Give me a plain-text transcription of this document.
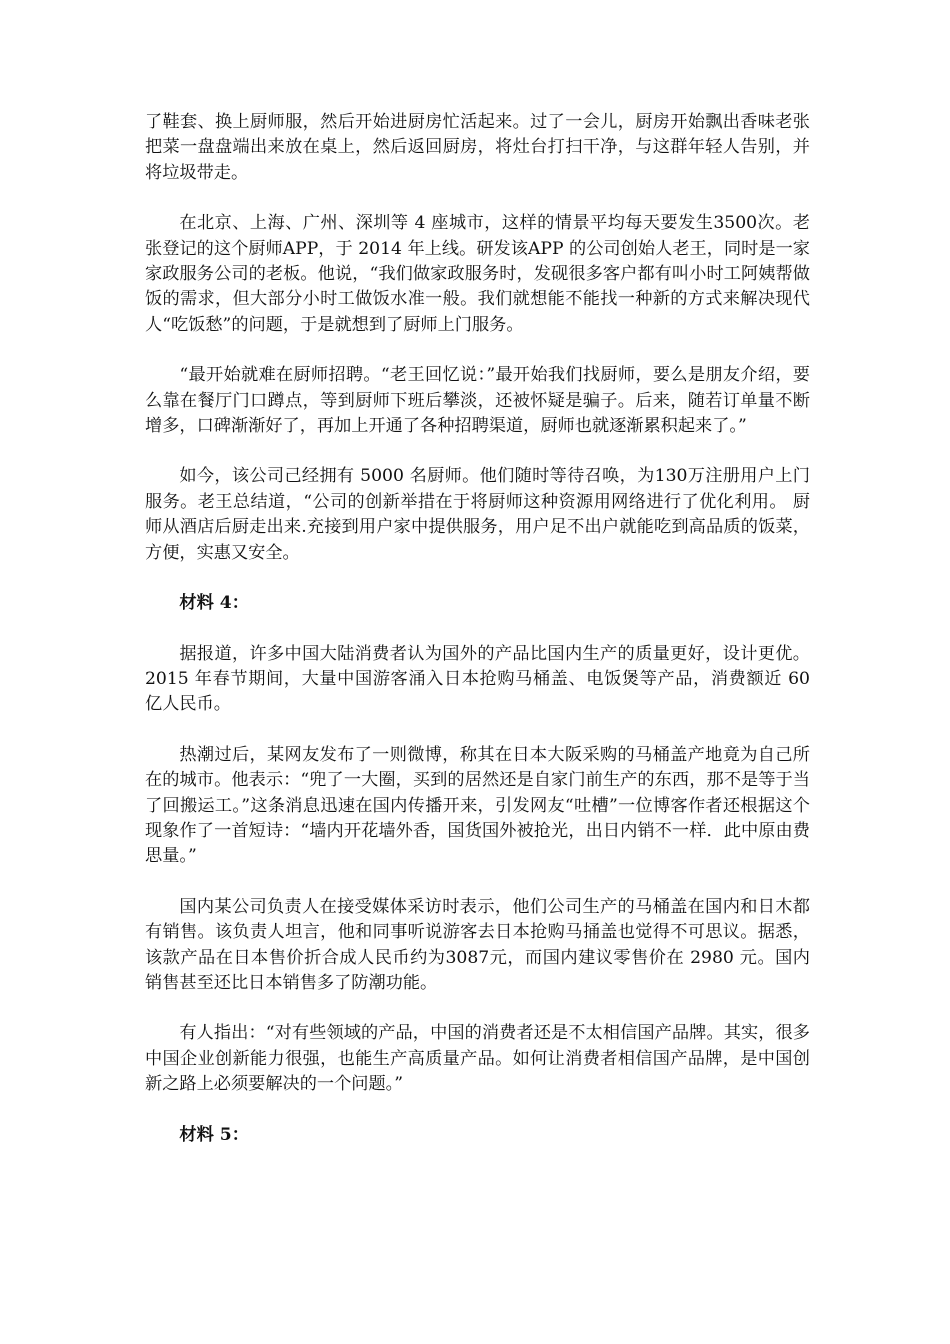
了鞋套、换上厨师服，然后开始进厨房忙活起来。过了一会儿，厨房开始飘出香味老张把菜一盘盘端出来放在桌上，然后返回厨房，将灶台打扫干净，与这群年轻人告别，并将垃圾带走。

在北京、上海、广州、深圳等 4 座城市，这样的情景平均每天要发生3500次。老张登记的这个厨师APP，于 2014 年上线。研发该APP 的公司创始人老王，同时是一家家政服务公司的老板。他说，“我们做家政服务时，发砚很多客户都有叫小时工阿姨帮做饭的需求，但大部分小时工做饭水准一般。我们就想能不能找一种新的方式来解决现代人“吃饭愁”的问题，于是就想到了厨师上门服务。

“最开始就难在厨师招聘。“老王回忆说：”最开始我们找厨师，要么是朋友介绍，要么靠在餐厅门口蹲点，等到厨师下班后攀淡，还被怀疑是骗子。后来，随若订单量不断增多，口碑渐渐好了，再加上开通了各种招聘渠道，厨师也就逐渐累积起来了。”

如今，该公司己经拥有 5000 名厨师。他们随时等待召唤，为130万注册用户上门服务。老王总结道，“公司的创新举措在于将厨师这种资源用网络进行了优化利用。 厨师从酒店后厨走出来.充接到用户家中提供服务，用户足不出户就能吃到高品质的饭菜，方便，实惠又安全。

材料 4：

据报道，许多中国大陆消费者认为国外的产品比国内生产的质量更好，设计更优。2015 年春节期间，大量中国游客涌入日本抢购马桶盖、电饭煲等产品，消费额近 60 亿人民币。

热潮过后，某网友发布了一则微博，称其在日本大阪采购的马桶盖产地竟为自己所在的城市。他表示：“兜了一大圈，买到的居然还是自家门前生产的东西，那不是等于当了回搬运工。”这条消息迅速在国内传播开来，引发网友“吐槽”一位博客作者还根据这个现象作了一首短诗：“墙内开花墙外香，国货国外被抢光，出日内销不一样．此中原由费思量。”

国内某公司负责人在接受媒体采访时表示，他们公司生产的马桶盖在国内和日木都有销售。该负责人坦言，他和同事听说游客去日本抢购马捅盖也觉得不可思议。据悉，该款产品在日本售价折合成人民币约为3087元，而国内建议零售价在 2980 元。国内销售甚至还比日本销售多了防潮功能。

有人指出：“对有些领域的产品，中国的消费者还是不太相信国产品牌。其实，很多中国企业创新能力很强，也能生产高质量产品。如何让消费者相信国产品牌，是中国创新之路上必须要解决的一个问题。”

材料 5：
